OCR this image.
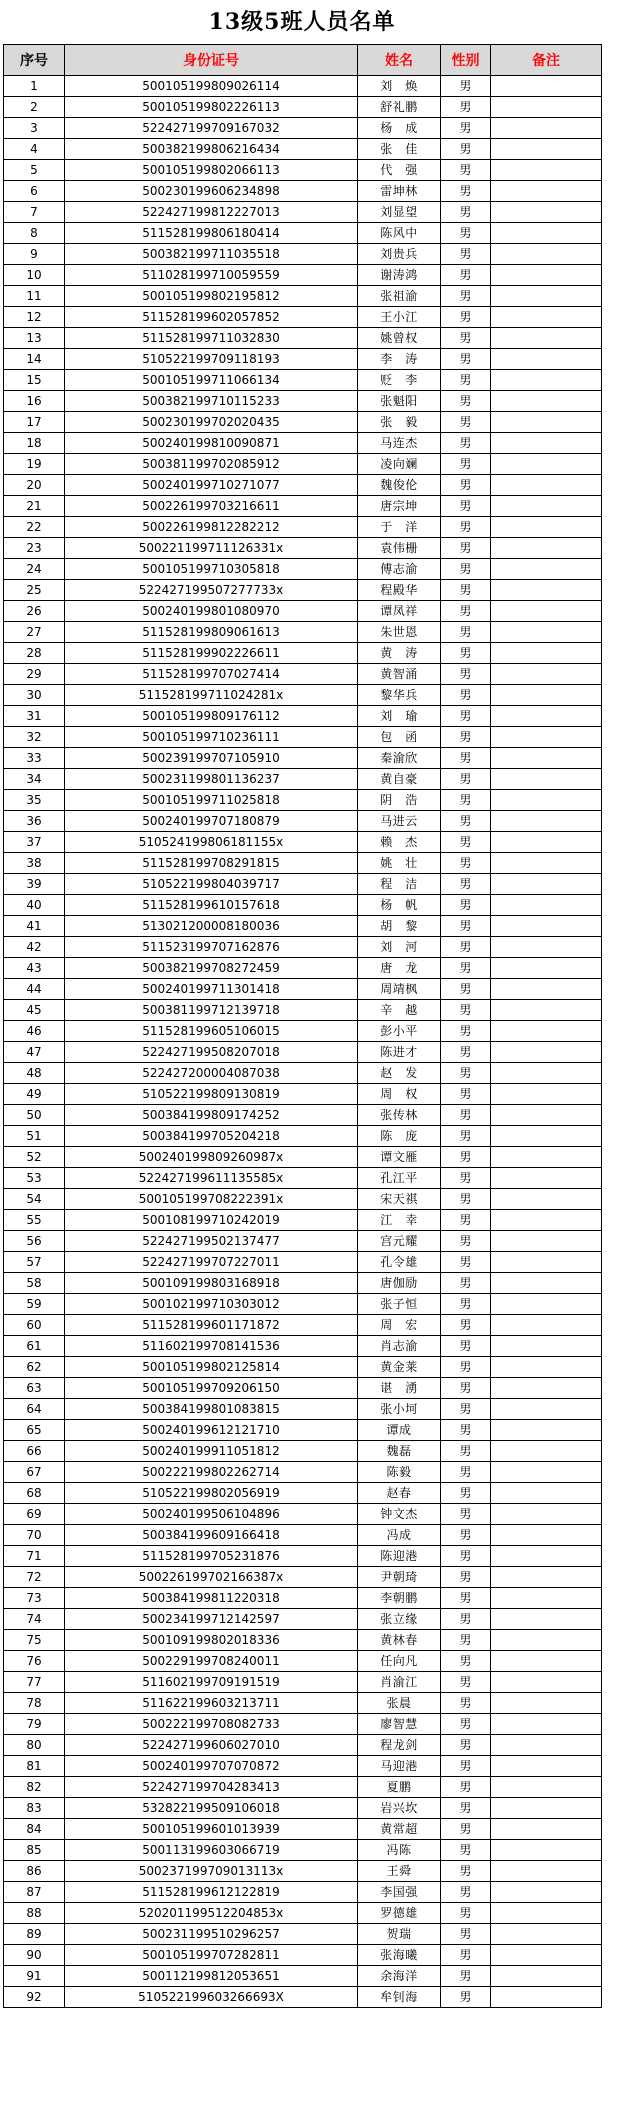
13级5班人员名单
序号	身份证号	姓名	性别	备注
1	500105199809026114	刘　焕	男	
2	500105199802226113	舒礼鹏	男	
3	522427199709167032	杨　成	男	
4	500382199806216434	张　佳	男	
5	500105199802066113	代　强	男	
6	500230199606234898	雷坤林	男	
7	522427199812227013	刘显望	男	
8	511528199806180414	陈风中	男	
9	500382199711035518	刘贵兵	男	
10	511028199710059559	谢涛鸿	男	
11	500105199802195812	张祖渝	男	
12	511528199602057852	王小江	男	
13	511528199711032830	姚曾权	男	
14	510522199709118193	李　涛	男	
15	500105199711066134	贬　李	男	
16	500382199710115233	张魁阳	男	
17	500230199702020435	张　毅	男	
18	500240199810090871	马连杰	男	
19	500381199702085912	凌向斓	男	
20	500240199710271077	魏俊伦	男	
21	500226199703216611	唐宗坤	男	
22	500226199812282212	于　洋	男	
23	500221199711126331x	袁伟栅	男	
24	500105199710305818	傅志渝	男	
25	522427199507277733x	程殿华	男	
26	500240199801080970	谭凤祥	男	
27	511528199809061613	朱世恩	男	
28	511528199902226611	黄　涛	男	
29	511528199707027414	黄智涌	男	
30	511528199711024281x	黎华兵	男	
31	500105199809176112	刘　瑜	男	
32	500105199710236111	包　函	男	
33	500239199707105910	秦渝欣	男	
34	500231199801136237	黄自豪	男	
35	500105199711025818	阴　浩	男	
36	500240199707180879	马进云	男	
37	510524199806181155x	赖　杰	男	
38	511528199708291815	姚　壮	男	
39	510522199804039717	程　洁	男	
40	511528199610157618	杨　帆	男	
41	513021200008180036	胡　黎	男	
42	511523199707162876	刘　河	男	
43	500382199708272459	唐　龙	男	
44	500240199711301418	周靖枫	男	
45	500381199712139718	辛　越	男	
46	511528199605106015	彭小平	男	
47	522427199508207018	陈进才	男	
48	522427200004087038	赵　发	男	
49	510522199809130819	周　权	男	
50	500384199809174252	张传林	男	
51	500384199705204218	陈　庞	男	
52	500240199809260987x	谭文雁	男	
53	522427199611135585x	孔江平	男	
54	500105199708222391x	宋天祺	男	
55	500108199710242019	江　幸	男	
56	522427199502137477	宫元耀	男	
57	522427199707227011	孔令雄	男	
58	500109199803168918	唐伽励	男	
59	500102199710303012	张子恒	男	
60	511528199601171872	周　宏	男	
61	511602199708141536	肖志渝	男	
62	500105199802125814	黄金莱	男	
63	500105199709206150	谌　湧	男	
64	500384199801083815	张小坷	男	
65	500240199612121710	谭成	男	
66	500240199911051812	魏磊	男	
67	500222199802262714	陈毅	男	
68	510522199802056919	赵春	男	
69	500240199506104896	钟文杰	男	
70	500384199609166418	冯成	男	
71	511528199705231876	陈迎港	男	
72	500226199702166387x	尹朝琦	男	
73	500384199811220318	李朝鹏	男	
74	500234199712142597	张立缘	男	
75	500109199802018336	黄林春	男	
76	500229199708240011	任向凡	男	
77	511602199709191519	肖渝江	男	
78	511622199603213711	张晨	男	
79	500222199708082733	廖智慧	男	
80	522427199606027010	程龙剑	男	
81	500240199707070872	马迎港	男	
82	522427199704283413	夏鹏	男	
83	532822199509106018	岩兴坎	男	
84	500105199601013939	黄常超	男	
85	500113199603066719	冯陈	男	
86	500237199709013113x	王舜	男	
87	511528199612122819	李国强	男	
88	520201199512204853x	罗德雄	男	
89	500231199510296257	贺瑞	男	
90	500105199707282811	张海曦	男	
91	500112199812053651	余海洋	男	
92	510522199603266693X	牟钊海	男	
